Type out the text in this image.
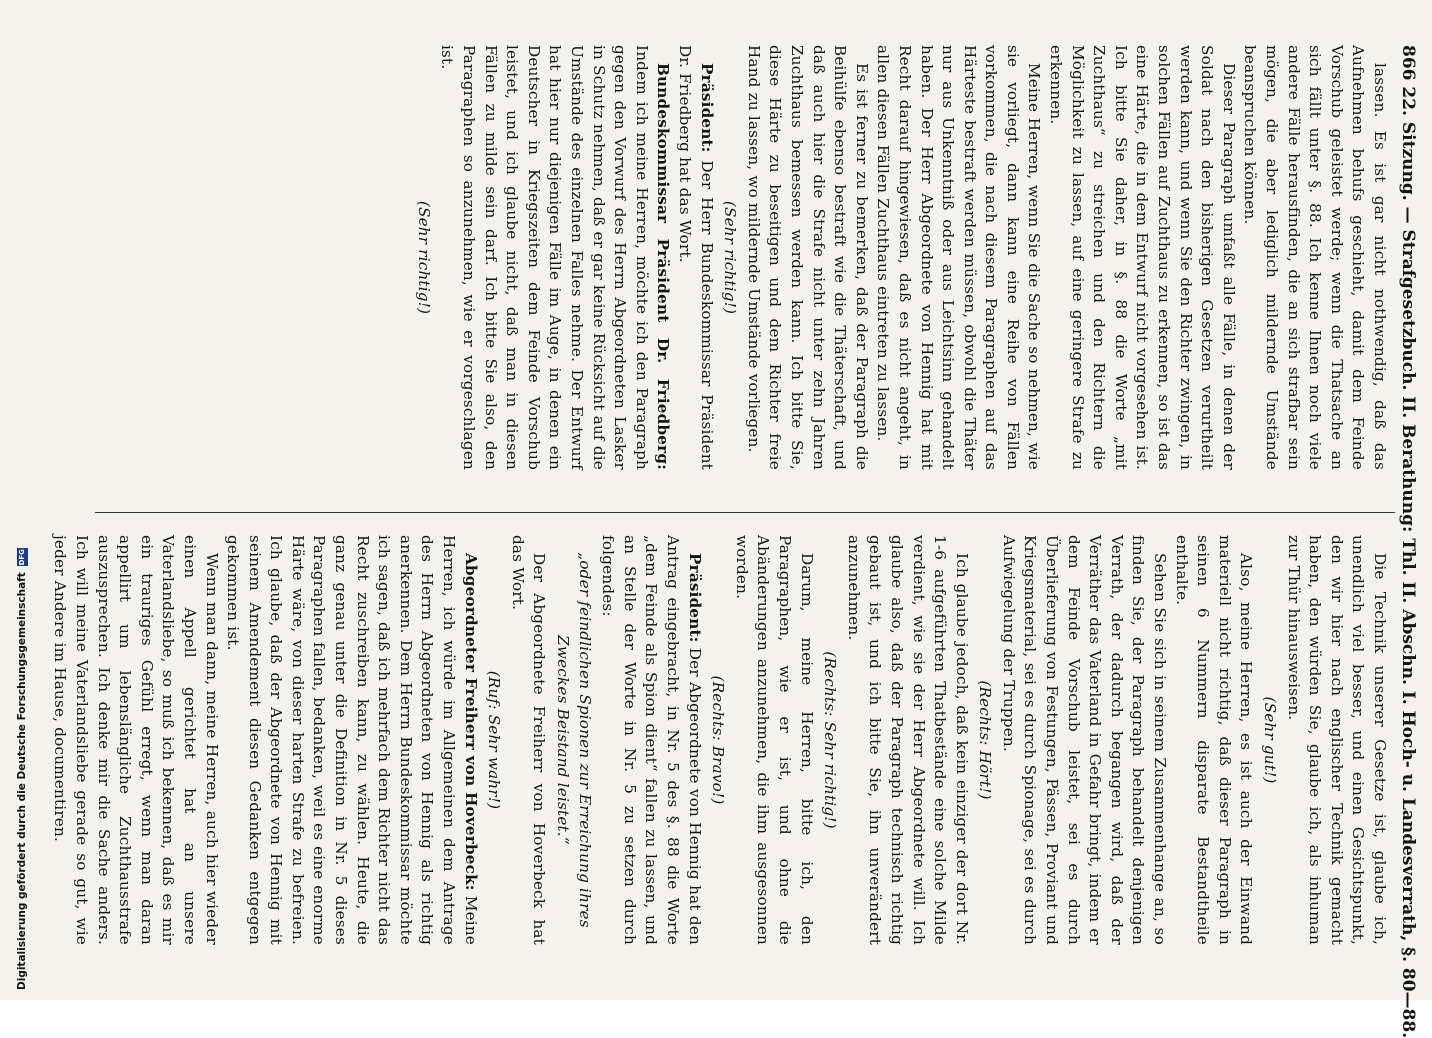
866 22. Sitzung. — Strafgesetzbuch. II. Berathung: Thl. II. Abschn. I. Hoch- u. Landesverrath, §. 80—88.

lassen. Es ist gar nicht nothwendig, daß das Aufnehmen behufs geschieht, damit dem Feinde Vorschub geleistet werde; wenn die Thatsache an sich fällt unter §. 88. Ich kenne Ihnen noch viele andere Fälle herausfinden, die an sich strafbar sein mögen, die aber lediglich mildernde Umstände beanspruchen können.

Dieser Paragraph umfaßt alle Fälle, in denen der Soldat nach den bisherigen Gesetzen verurtheilt werden kann, und wenn Sie den Richter zwingen, in solchen Fällen auf Zuchthaus zu erkennen, so ist das eine Härte, die in dem Entwurf nicht vorgesehen ist. Ich bitte Sie daher, in §. 88 die Worte „mit Zuchthaus“ zu streichen und den Richtern die Möglichkeit zu lassen, auf eine geringere Strafe zu erkennen.

Meine Herren, wenn Sie die Sache so nehmen, wie sie vorliegt, dann kann eine Reihe von Fällen vorkommen, die nach diesem Paragraphen auf das Härteste bestraft werden müssen, obwohl die Thäter nur aus Unkenntniß oder aus Leichtsinn gehandelt haben. Der Herr Abgeordnete von Hennig hat mit Recht darauf hingewiesen, daß es nicht angeht, in allen diesen Fällen Zuchthaus eintreten zu lassen.

Es ist ferner zu bemerken, daß der Paragraph die Beihülfe ebenso bestraft wie die Thäterschaft, und daß auch hier die Strafe nicht unter zehn Jahren Zuchthaus bemessen werden kann. Ich bitte Sie, diese Härte zu beseitigen und dem Richter freie Hand zu lassen, wo mildernde Umstände vorliegen.

(Sehr richtig!)

Präsident: Der Herr Bundeskommissar Präsident Dr. Friedberg hat das Wort.

Bundeskommissar Präsident Dr. Friedberg: Indem ich meine Herren, möchte ich den Paragraph gegen den Vorwurf des Herrn Abgeordneten Lasker in Schutz nehmen, daß er gar keine Rücksicht auf die Umstände des einzelnen Falles nehme. Der Entwurf hat hier nur diejenigen Fälle im Auge, in denen ein Deutscher in Kriegszeiten dem Feinde Vorschub leistet, und ich glaube nicht, daß man in diesen Fällen zu milde sein darf. Ich bitte Sie also, den Paragraphen so anzunehmen, wie er vorgeschlagen ist.

(Sehr richtig!)

Die Technik unserer Gesetze ist, glaube ich, unendlich viel besser, und einen Gesichtspunkt, den wir hier nach englischer Technik gemacht haben, den würden Sie, glaube ich, als inhuman zur Thür hinausweisen.

(Sehr gut!)

Also, meine Herren, es ist auch der Einwand materiell nicht richtig, daß dieser Paragraph in seinen 6 Nummern disparate Bestandtheile enthalte.

Sehen Sie sich in seinem Zusammenhange an, so finden Sie, der Paragraph behandelt denjenigen Verrath, der dadurch begangen wird, daß der Verräther das Vaterland in Gefahr bringt, indem er dem Feinde Vorschub leistet, sei es durch Überlieferung von Festungen, Pässen, Proviant und Kriegsmaterial, sei es durch Spionage, sei es durch Aufwiegelung der Truppen.

(Rechts: Hört!)

Ich glaube jedoch, daß kein einziger der dort Nr. 1-6 aufgeführten Thatbestände eine solche Milde verdient, wie sie der Herr Abgeordnete will. Ich glaube also, daß der Paragraph technisch richtig gebaut ist, und ich bitte Sie, ihn unverändert anzunehmen.

(Rechts: Sehr richtig!)

Darum, meine Herren, bitte ich, den Paragraphen, wie er ist, und ohne die Abänderungen anzunehmen, die ihm ausgesonnen worden.

(Rechts: Bravo!)

Präsident: Der Abgeordnete von Hennig hat den Antrag eingebracht, in Nr. 5 des §. 88 die Worte „dem Feinde als Spion dient“ fallen zu lassen, und an Stelle der Worte in Nr. 5 zu setzen durch folgendes:

„oder feindlichen Spionen zur Erreichung ihres Zweckes Beistand leistet.“

Der Abgeordnete Freiherr von Hoverbeck hat das Wort.

(Ruf: Sehr wahr!)

Abgeordneter Freiherr von Hoverbeck: Meine Herren, ich würde im Allgemeinen dem Antrage des Herrn Abgeordneten von Hennig als richtig anerkennen. Dem Herrn Bundeskommissar möchte ich sagen, daß ich mehrfach dem Richter nicht das Recht zuschreiben kann, zu wählen. Heute, die ganz genau unter die Definition in Nr. 5 dieses Paragraphen fallen, bedanken, weil es eine enorme Härte wäre, von dieser harten Strafe zu befreien. Ich glaube, daß der Abgeordnete von Hennig mit seinem Amendement diesen Gedanken entgegen gekommen ist.

Wenn man dann, meine Herren, auch hier wieder einen Appell gerichtet hat an unsere Vaterlandsliebe, so muß ich bekennen, daß es mir ein trauriges Gefühl erregt, wenn man daran appellirt um lebenslängliche Zuchthausstrafe auszusprechen. Ich denke mir die Sache anders. Ich will meine Vaterlandsliebe gerade so gut, wie jeder Andere im Hause, documentiren.

Digitalisierung gefördert durch die Deutsche Forschungsgemeinschaft
DFG
